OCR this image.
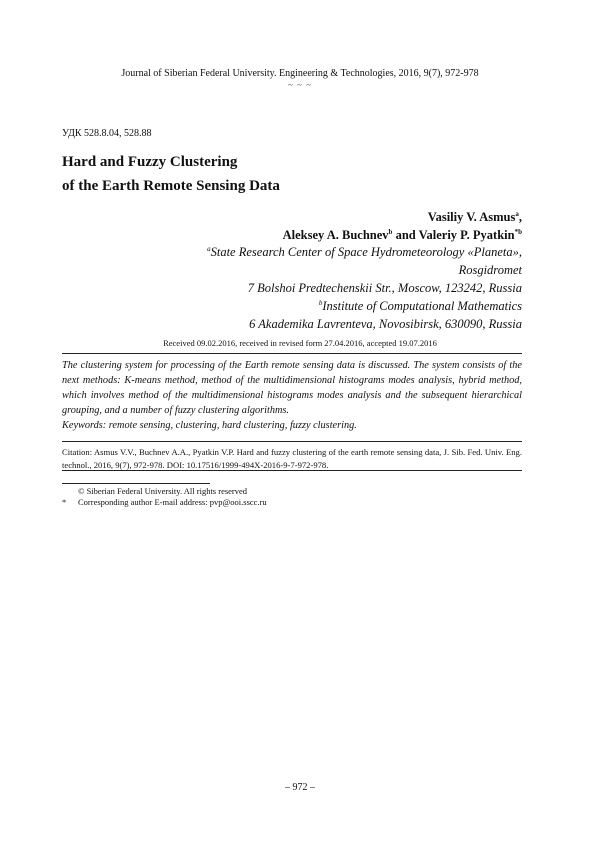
Journal of Siberian Federal University. Engineering & Technologies, 2016, 9(7), 972-978
~ ~ ~
УДК 528.8.04, 528.88
Hard and Fuzzy Clustering
of the Earth Remote Sensing Data
Vasiliy V. Asmus$^a$,
Aleksey A. Buchnev$^b$ and Valeriy P. Pyatkin$^{*b}$
$^a$State Research Center of Space Hydrometeorology «Planeta»,
Rosgidromet
7 Bolshoi Predtechenskii Str., Moscow, 123242, Russia
$^b$Institute of Computational Mathematics
6 Akademika Lavrenteva, Novosibirsk, 630090, Russia
Received 09.02.2016, received in revised form 27.04.2016, accepted 19.07.2016
The clustering system for processing of the Earth remote sensing data is discussed. The system consists of the next methods: K-means method, method of the multidimensional histograms modes analysis, hybrid method, which involves method of the multidimensional histograms modes analysis and the subsequent hierarchical grouping, and a number of fuzzy clustering algorithms.
Keywords: remote sensing, clustering, hard clustering, fuzzy clustering.
Citation: Asmus V.V., Buchnev A.A., Pyatkin V.P. Hard and fuzzy clustering of the earth remote sensing data, J. Sib. Fed. Univ. Eng. technol., 2016, 9(7), 972-978. DOI: 10.17516/1999-494X-2016-9-7-972-978.
© Siberian Federal University. All rights reserved
* Corresponding author E-mail address: pvp@ooi.sscc.ru
– 972 –
